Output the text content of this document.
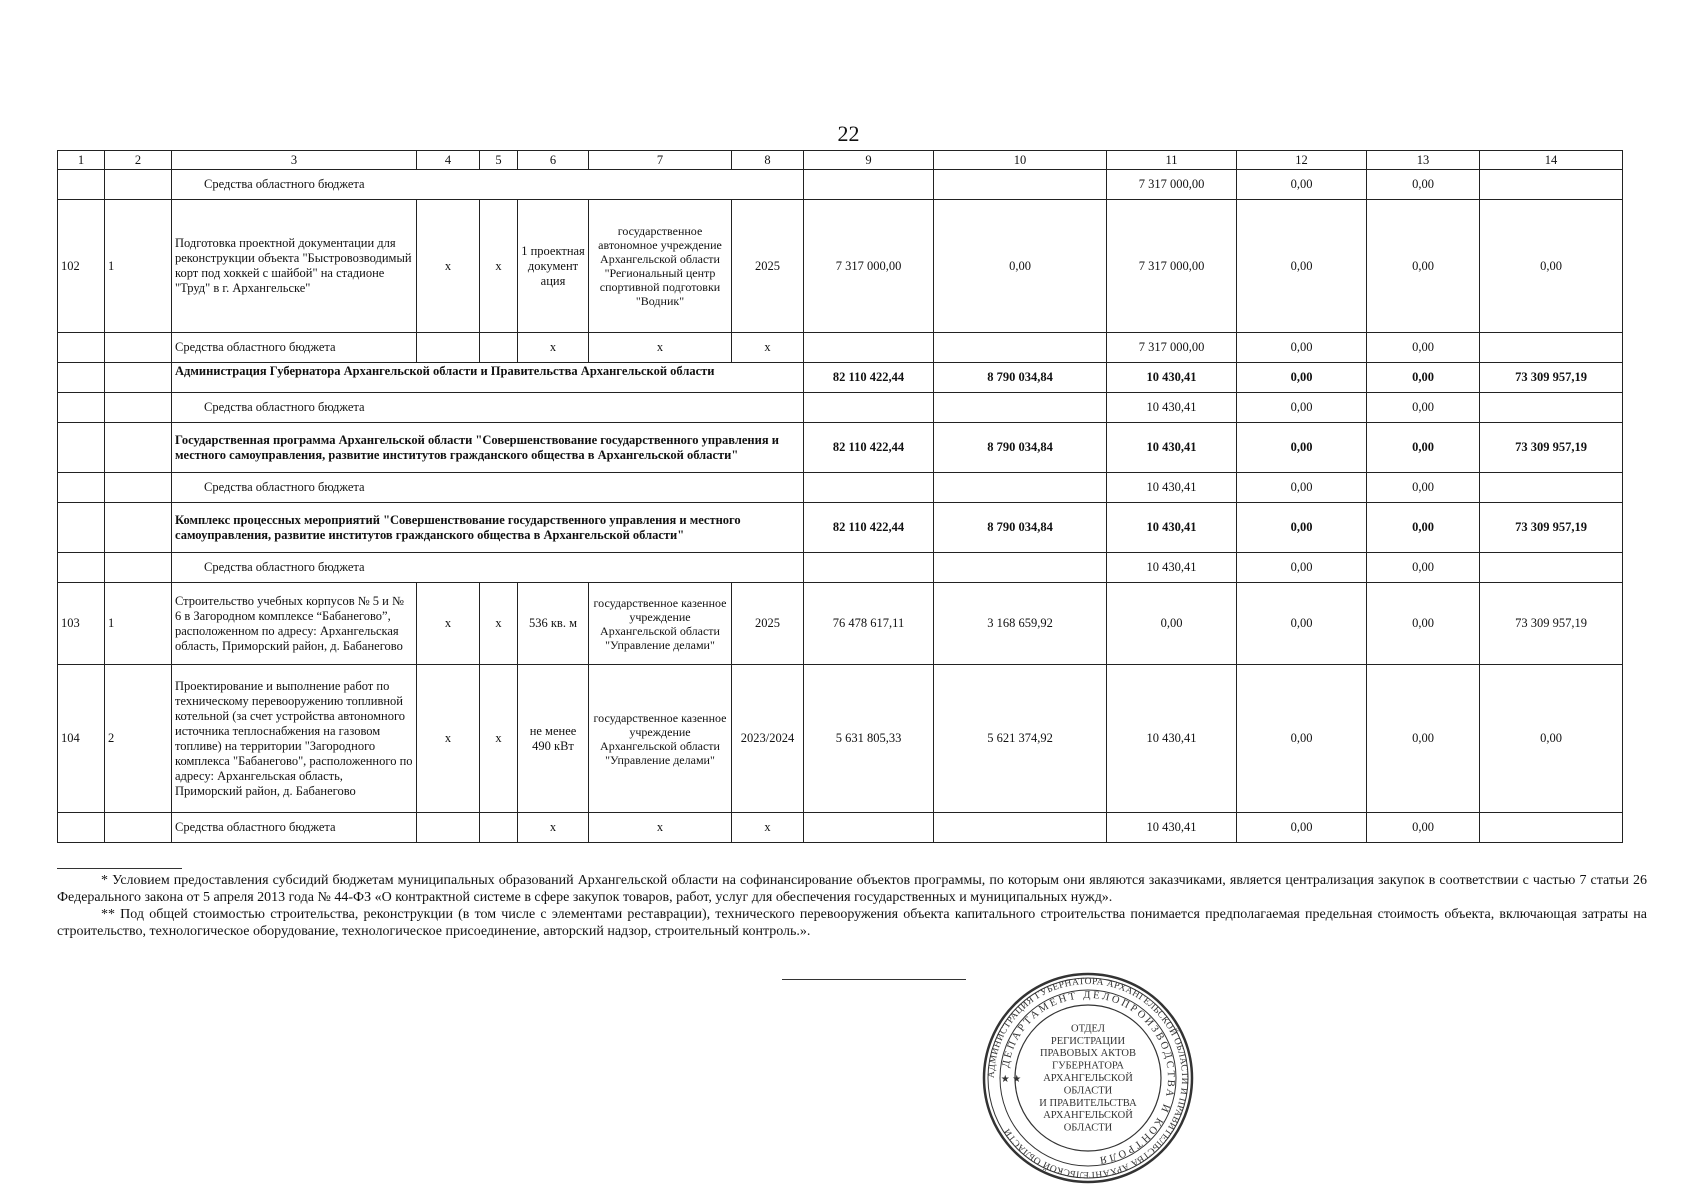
22
1	2	3	4	5	6	7	8	9	10	11	12	13	14
		Средства областного бюджета								7 317 000,00	0,00	0,00	
102	1	Подготовка проектной документации для реконструкции объекта "Быстровозводимый корт под хоккей с шайбой" на стадионе "Труд" в г. Архангельске"	х	х	1 проектная документ ация	государственное автономное учреждение Архангельской области "Региональный центр спортивной подготовки "Водник"	2025	7 317 000,00	0,00	7 317 000,00	0,00	0,00	0,00
		Средства областного бюджета			х	х	х			7 317 000,00	0,00	0,00	
		Администрация Губернатора Архангельской области и Правительства Архангельской области						82 110 422,44	8 790 034,84	10 430,41	0,00	0,00	73 309 957,19
		Средства областного бюджета								10 430,41	0,00	0,00	
		Государственная программа Архангельской области "Совершенствование государственного управления и местного самоуправления, развитие институтов гражданского общества в Архангельской области"						82 110 422,44	8 790 034,84	10 430,41	0,00	0,00	73 309 957,19
		Средства областного бюджета								10 430,41	0,00	0,00	
		Комплекс процессных мероприятий "Совершенствование государственного управления и местного самоуправления, развитие институтов гражданского общества в Архангельской области"						82 110 422,44	8 790 034,84	10 430,41	0,00	0,00	73 309 957,19
		Средства областного бюджета								10 430,41	0,00	0,00	
103	1	Строительство учебных корпусов № 5 и № 6 в Загородном комплексе “Бабанегово”, расположенном по адресу: Архангельская область, Приморский район, д. Бабанегово	х	х	536 кв. м	государственное казенное учреждение Архангельской области "Управление делами"	2025	76 478 617,11	3 168 659,92	0,00	0,00	0,00	73 309 957,19
104	2	Проектирование и выполнение работ по техническому перевооружению топливной котельной (за счет устройства автономного источника теплоснабжения на газовом топливе) на территории "Загородного комплекса "Бабанегово", расположенного по адресу: Архангельская область, Приморский район, д. Бабанегово	х	х	не менее 490 кВт	государственное казенное учреждение Архангельской области "Управление делами"	2023/2024	5 631 805,33	5 621 374,92	10 430,41	0,00	0,00	0,00
		Средства областного бюджета			х	х	х			10 430,41	0,00	0,00	

* Условием предоставления субсидий бюджетам муниципальных образований Архангельской области на софинансирование объектов программы, по которым они являются заказчиками, является централизация закупок в соответствии с частью 7 статьи 26 Федерального закона от 5 апреля 2013 года № 44-ФЗ «О контрактной системе в сфере закупок товаров, работ, услуг для обеспечения государственных и муниципальных нужд».

** Под общей стоимостью строительства, реконструкции (в том числе с элементами реставрации), технического перевооружения объекта капитального строительства понимается предполагаемая предельная стоимость объекта, включающая затраты на строительство, технологическое оборудование, технологическое присоединение, авторский надзор, строительный контроль.».

АДМИНИСТРАЦИЯ ГУБЕРНАТОРА АРХАНГЕЛЬСКОЙ ОБЛАСТИ И ПРАВИТЕЛЬСТВА АРХАНГЕЛЬСКОЙ ОБЛАСТИ
ДЕПАРТАМЕНТ ДЕЛОПРОИЗВОДСТВА И КОНТРОЛЯ
ОТДЕЛ
РЕГИСТРАЦИИ
ПРАВОВЫХ АКТОВ
ГУБЕРНАТОРА
АРХАНГЕЛЬСКОЙ
ОБЛАСТИ
И ПРАВИТЕЛЬСТВА
АРХАНГЕЛЬСКОЙ
ОБЛАСТИ
★ ★
